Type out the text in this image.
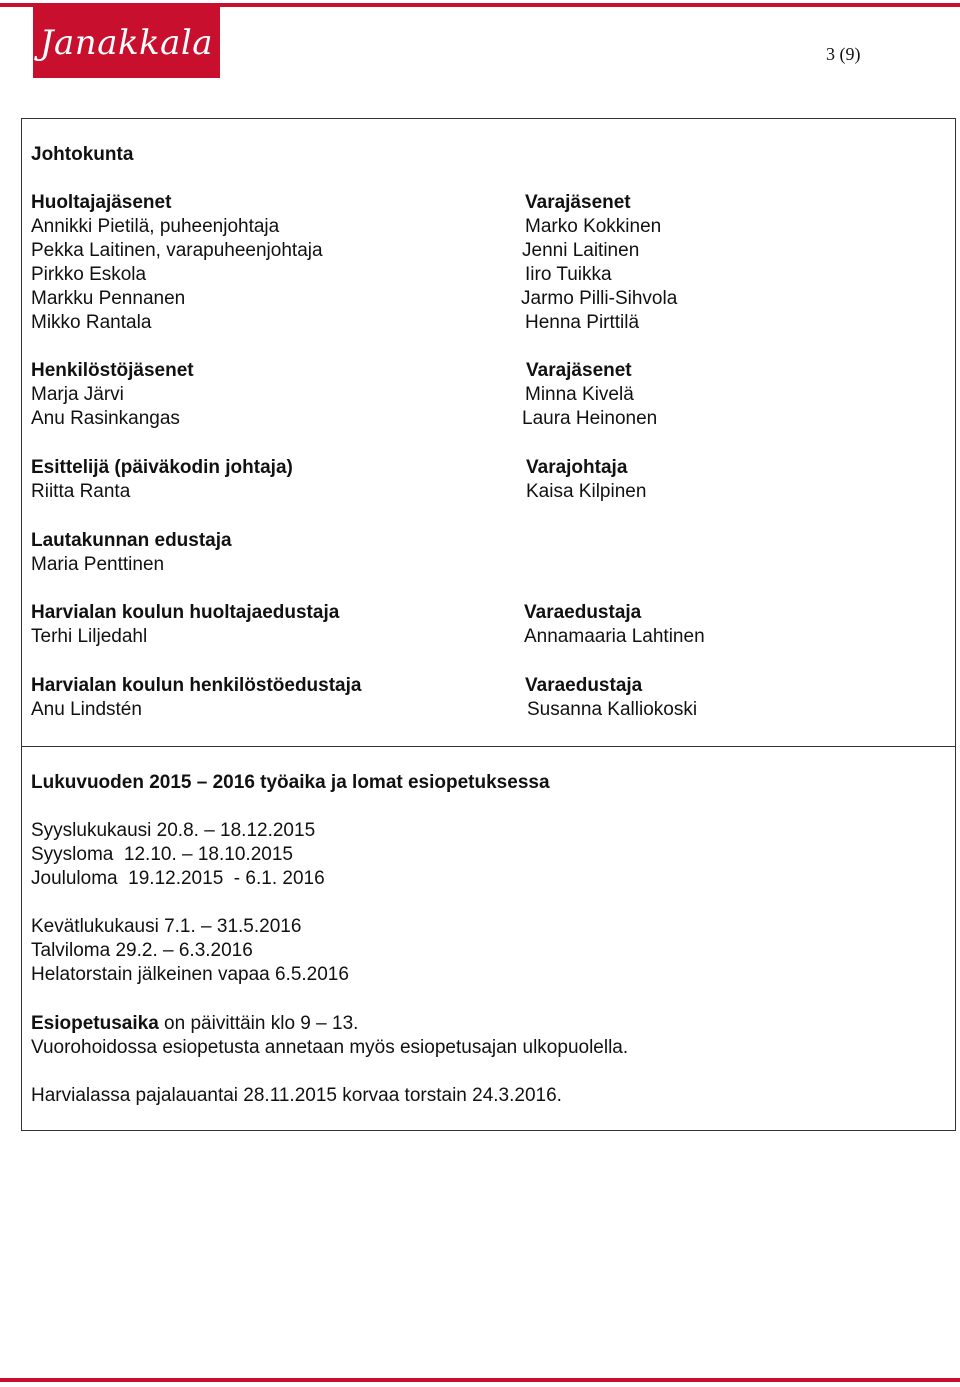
Janakkala	3 (9)
Johtokunta
Huoltajajäsenet
Annikki Pietilä, puheenjohtaja
Pekka Laitinen, varapuheenjohtaja
Pirkko Eskola
Markku Pennanen
Mikko Rantala
Varajäsenet
Marko Kokkinen
Jenni Laitinen
Iiro Tuikka
Jarmo Pilli-Sihvola
Henna Pirttilä
Henkilöstöjäsenet
Marja Järvi
Anu Rasinkangas
Varajäsenet
Minna Kivelä
Laura Heinonen
Esittelijä (päiväkodin johtaja)
Riitta Ranta
Varajohtaja
Kaisa Kilpinen
Lautakunnan edustaja
Maria Penttinen
Harvialan koulun huoltajaedustaja
Terhi Liljedahl
Varaedustaja
Annamaaria Lahtinen
Harvialan koulun henkilöstöedustaja
Anu Lindstén
Varaedustaja
Susanna Kalliokoski
Lukuvuoden 2015 – 2016 työaika ja lomat esiopetuksessa
Syyslukukausi 20.8. – 18.12.2015
Syysloma  12.10. – 18.10.2015
Joululoma  19.12.2015  - 6.1. 2016
Kevätlukukausi 7.1. – 31.5.2016
Talviloma 29.2. – 6.3.2016
Helatorstain jälkeinen vapaa 6.5.2016
Esiopetusaika on päivittäin klo 9 – 13.
Vuorohoidossa esiopetusta annetaan myös esiopetusajan ulkopuolella.
Harvialassa pajalauantai 28.11.2015 korvaa torstain 24.3.2016.
